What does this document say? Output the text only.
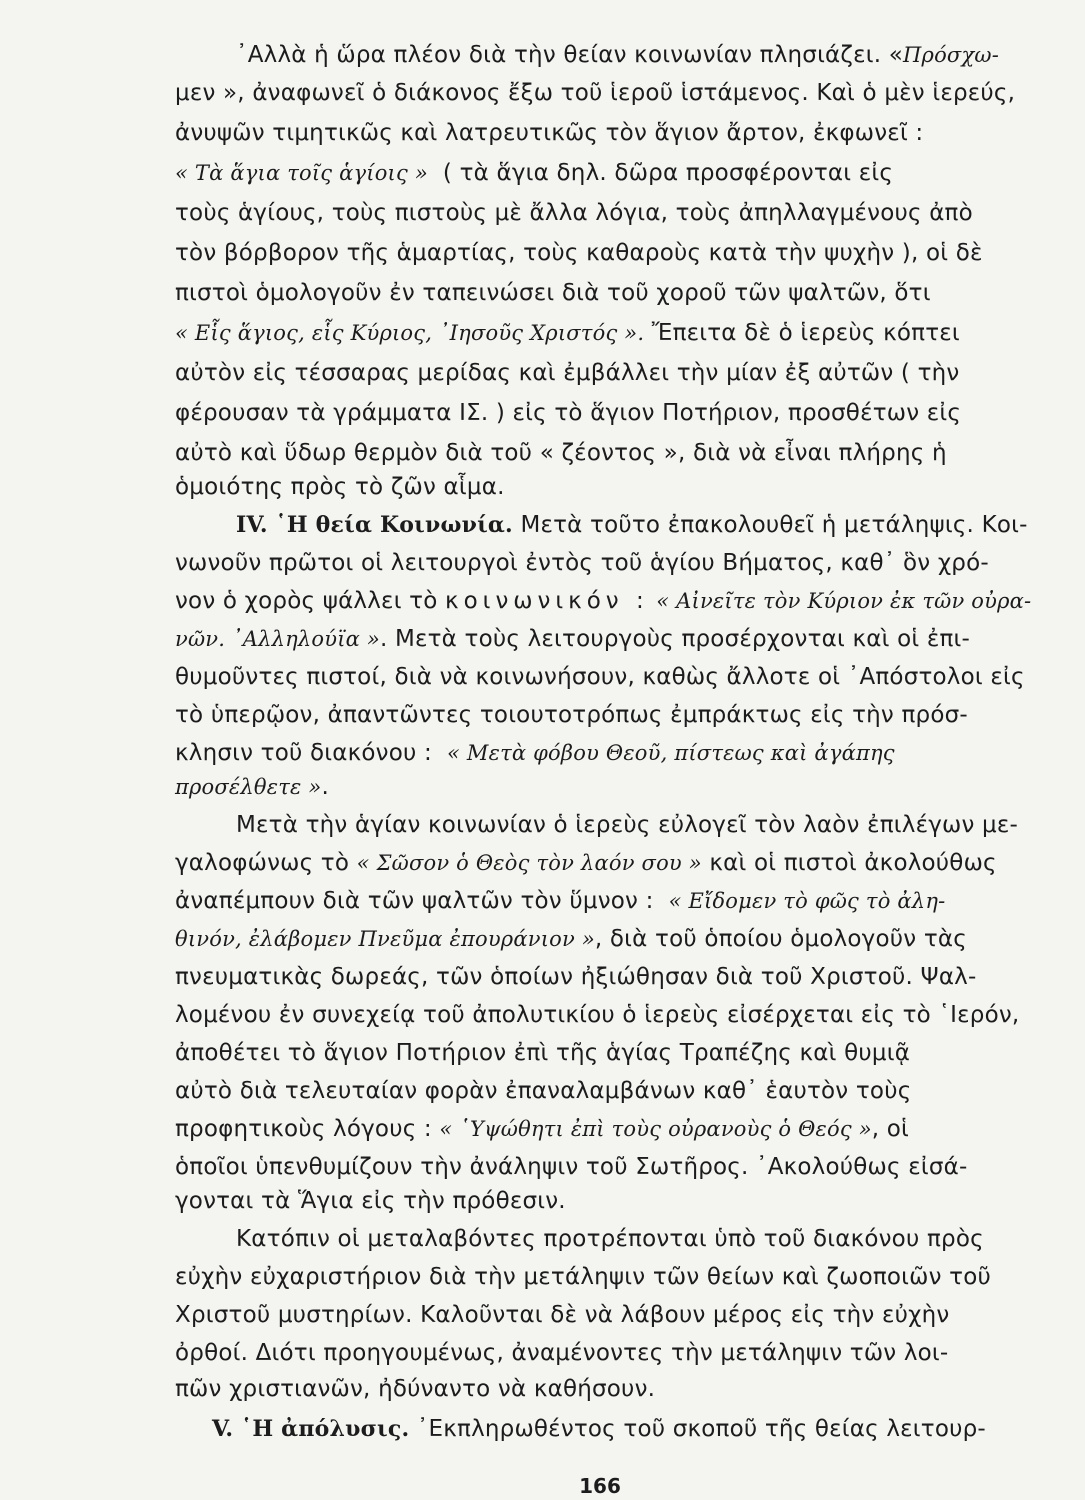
᾿Αλλὰ ἡ ὥρα πλέον διὰ τὴν θείαν κοινωνίαν πλησιάζει. «Πρόσχω-
μεν », ἀναφωνεῖ ὁ διάκονος ἔξω τοῦ ἱεροῦ ἱστάμενος. Καὶ ὁ μὲν ἱερεύς,
ἀνυψῶν τιμητικῶς καὶ λατρευτικῶς τὸν ἅγιον ἄρτον, ἐκφωνεῖ :
« Τὰ ἅγια τοῖς ἁγίοις » ( τὰ ἅγια δηλ. δῶρα προσφέρονται εἰς
τοὺς ἁγίους, τοὺς πιστοὺς μὲ ἄλλα λόγια, τοὺς ἀπηλλαγμένους ἀπὸ
τὸν βόρβορον τῆς ἁμαρτίας, τοὺς καθαροὺς κατὰ τὴν ψυχὴν ), οἱ δὲ
πιστοὶ ὁμολογοῦν ἐν ταπεινώσει διὰ τοῦ χοροῦ τῶν ψαλτῶν, ὅτι
« Εἷς ἅγιος, εἷς Κύριος, ᾿Ιησοῦς Χριστός ». Ἔπειτα δὲ ὁ ἱερεὺς κόπτει
αὐτὸν εἰς τέσσαρας μερίδας καὶ ἐμβάλλει τὴν μίαν ἐξ αὐτῶν ( τὴν
φέρουσαν τὰ γράμματα ΙΣ. ) εἰς τὸ ἅγιον Ποτήριον, προσθέτων εἰς
αὐτὸ καὶ ὕδωρ θερμὸν διὰ τοῦ « ζέοντος », διὰ νὰ εἶναι πλήρης ἡ
ὁμοιότης πρὸς τὸ ζῶν αἷμα.
IV. ῾Η θεία Κοινωνία. Μετὰ τοῦτο ἐπακολουθεῖ ἡ μετάληψις. Κοι-
νωνοῦν πρῶτοι οἱ λειτουργοὶ ἐντὸς τοῦ ἁγίου Βήματος, καθ᾿ ὃν χρό-
νον ὁ χορὸς ψάλλει τὸ κοινωνικόν : « Αἰνεῖτε τὸν Κύριον ἐκ τῶν οὐρα-
νῶν. ᾿Αλληλούϊα ». Μετὰ τοὺς λειτουργοὺς προσέρχονται καὶ οἱ ἐπι-
θυμοῦντες πιστοί, διὰ νὰ κοινωνήσουν, καθὼς ἄλλοτε οἱ ᾿Απόστολοι εἰς
τὸ ὑπερῷον, ἀπαντῶντες τοιουτοτρόπως ἐμπράκτως εἰς τὴν πρόσ-
κλησιν τοῦ διακόνου : « Μετὰ φόβου Θεοῦ, πίστεως καὶ ἀγάπης
προσέλθετε ».
Μετὰ τὴν ἁγίαν κοινωνίαν ὁ ἱερεὺς εὐλογεῖ τὸν λαὸν ἐπιλέγων με-
γαλοφώνως τὸ « Σῶσον ὁ Θεὸς τὸν λαόν σου » καὶ οἱ πιστοὶ ἀκολούθως
ἀναπέμπουν διὰ τῶν ψαλτῶν τὸν ὕμνον : « Εἴδομεν τὸ φῶς τὸ ἀλη-
θινόν, ἐλάβομεν Πνεῦμα ἐπουράνιον », διὰ τοῦ ὁποίου ὁμολογοῦν τὰς
πνευματικὰς δωρεάς, τῶν ὁποίων ἠξιώθησαν διὰ τοῦ Χριστοῦ. Ψαλ-
λομένου ἐν συνεχείᾳ τοῦ ἀπολυτικίου ὁ ἱερεὺς εἰσέρχεται εἰς τὸ ῾Ιερόν,
ἀποθέτει τὸ ἅγιον Ποτήριον ἐπὶ τῆς ἁγίας Τραπέζης καὶ θυμιᾷ
αὐτὸ διὰ τελευταίαν φορὰν ἐπαναλαμβάνων καθ᾿ ἑαυτὸν τοὺς
προφητικοὺς λόγους : « ῾Υψώθητι ἐπὶ τοὺς οὐρανοὺς ὁ Θεός », οἱ
ὁποῖοι ὑπενθυμίζουν τὴν ἀνάληψιν τοῦ Σωτῆρος. ᾿Ακολούθως εἰσά-
γονται τὰ Ἅγια εἰς τὴν πρόθεσιν.
Κατόπιν οἱ μεταλαβόντες προτρέπονται ὑπὸ τοῦ διακόνου πρὸς
εὐχὴν εὐχαριστήριον διὰ τὴν μετάληψιν τῶν θείων καὶ ζωοποιῶν τοῦ
Χριστοῦ μυστηρίων. Καλοῦνται δὲ νὰ λάβουν μέρος εἰς τὴν εὐχὴν
ὀρθοί. Διότι προηγουμένως, ἀναμένοντες τὴν μετάληψιν τῶν λοι-
πῶν χριστιανῶν, ἠδύναντο νὰ καθήσουν.
V. ῾Η ἀπόλυσις. ᾿Εκπληρωθέντος τοῦ σκοποῦ τῆς θείας λειτουρ-
166
